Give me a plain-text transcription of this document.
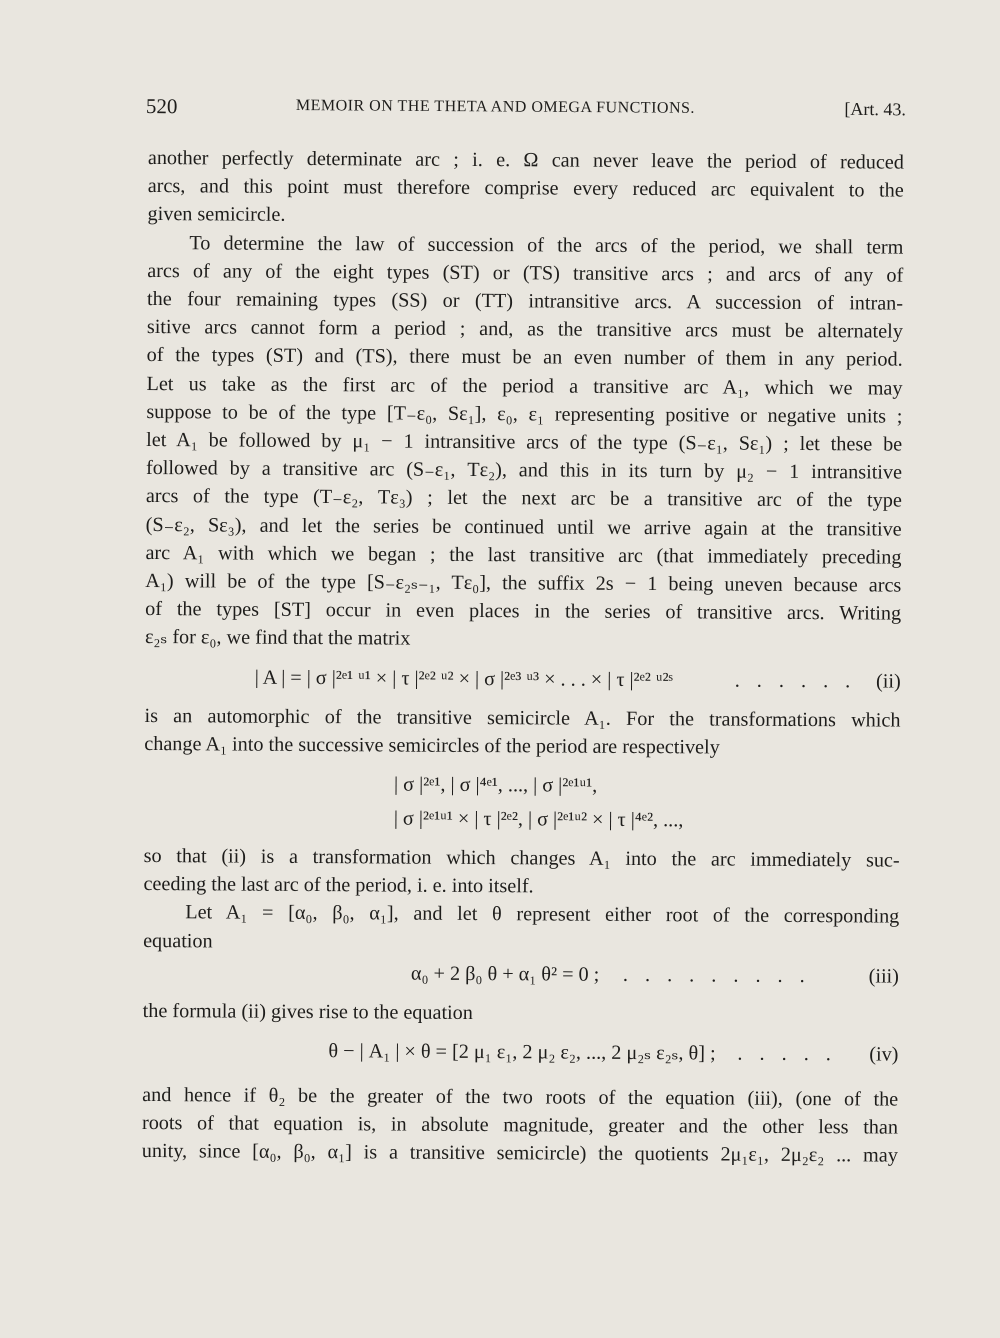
520	MEMOIR ON THE THETA AND OMEGA FUNCTIONS.	[Art. 43.
another perfectly determinate arc ; i. e. Ω can never leave the period of reduced
arcs, and this point must therefore comprise every reduced arc equivalent to the
given semicircle.
To determine the law of succession of the arcs of the period, we shall term
arcs of any of the eight types (ST) or (TS) transitive arcs ; and arcs of any of
the four remaining types (SS) or (TT) intransitive arcs. A succession of intran-
sitive arcs cannot form a period ; and, as the transitive arcs must be alternately
of the types (ST) and (TS), there must be an even number of them in any period.
Let us take as the first arc of the period a transitive arc A₁, which we may
suppose to be of the type [T₋ε₀, Sε₁], ε₀, ε₁ representing positive or negative units ;
let A₁ be followed by μ₁ − 1 intransitive arcs of the type (S₋ε₁, Sε₁) ; let these be
followed by a transitive arc (S₋ε₁, Tε₂), and this in its turn by μ₂ − 1 intransitive
arcs of the type (T₋ε₂, Tε₃) ; let the next arc be a transitive arc of the type
(S₋ε₂, Sε₃), and let the series be continued until we arrive again at the transitive
arc A₁ with which we began ; the last transitive arc (that immediately preceding
A₁) will be of the type [S₋ε₂ₛ₋₁, Tε₀], the suffix 2s − 1 being uneven because arcs
of the types [ST] occur in even places in the series of transitive arcs. Writing
ε₂ₛ for ε₀, we find that the matrix
| A | = | σ |²ᵉ¹ ᵘ¹ × | τ |²ᵉ² ᵘ² × | σ |²ᵉ³ ᵘ³ × . . . × | τ |²ᵉ² ᵘ²ˢ	. . . . . . (ii)
is an automorphic of the transitive semicircle A₁. For the transformations which
change A₁ into the successive semicircles of the period are respectively
| σ |²ᵉ¹, | σ |⁴ᵉ¹, ..., | σ |²ᵉ¹ᵘ¹,
| σ |²ᵉ¹ᵘ¹ × | τ |²ᵉ², | σ |²ᵉ¹ᵘ² × | τ |⁴ᵉ², ...,
so that (ii) is a transformation which changes A₁ into the arc immediately suc-
ceeding the last arc of the period, i. e. into itself.
Let A₁ = [α₀, β₀, α₁], and let θ represent either root of the corresponding
equation
α₀ + 2 β₀ θ + α₁ θ² = 0 ; . . . . . . . . .	(iii)
the formula (ii) gives rise to the equation
θ − | A₁ | × θ = [2 μ₁ ε₁, 2 μ₂ ε₂, ..., 2 μ₂ₛ ε₂ₛ, θ] ; . . . . . (iv)
and hence if θ₂ be the greater of the two roots of the equation (iii), (one of the
roots of that equation is, in absolute magnitude, greater and the other less than
unity, since [α₀, β₀, α₁] is a transitive semicircle) the quotients 2μ₁ε₁, 2μ₂ε₂ ... may
